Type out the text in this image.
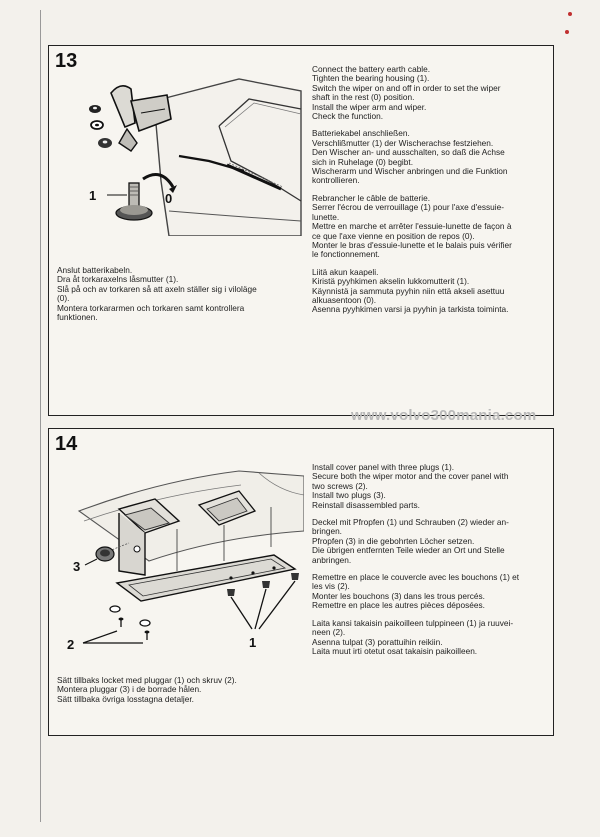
13
1	0

Connect the battery earth cable.
Tighten the bearing housing (1).
Switch the wiper on and off in order to set the wiper
shaft in the rest (0) position.
Install the wiper arm and wiper.
Check the function.

Batteriekabel anschließen.
Verschlißmutter (1) der Wischerachse festziehen.
Den Wischer an- und ausschalten, so daß die Achse
sich in Ruhelage (0) begibt.
Wischerarm und Wischer anbringen und die Funktion
kontrollieren.

Rebrancher le câble de batterie.
Serrer l'écrou de verrouillage (1) pour l'axe d'essuie-
lunette.
Mettre en marche et arrêter l'essuie-lunette de façon à
ce que l'axe vienne en position de repos (0).
Monter le bras d'essuie-lunette et le balais puis vérifier
le fonctionnement.

Liitä akun kaapeli.
Kiristä pyyhkimen akselin lukkomutterit (1).
Käynnistä ja sammuta pyyhin niin että akseli asettuu
alkuasentoon (0).
Asenna pyyhkimen varsi ja pyyhin ja tarkista toiminta.

Anslut batterikabeln.
Dra åt torkaraxelns låsmutter (1).
Slå på och av torkaren så att axeln ställer sig i viloläge
(0).
Montera torkararmen och torkaren samt kontrollera
funktionen.
www.volvo300mania.com
14
3
1
2

Install cover panel with three plugs (1).
Secure both the wiper motor and the cover panel with
two screws (2).
Install two plugs (3).
Reinstall disassembled parts.

Deckel mit Pfropfen (1) und Schrauben (2) wieder an-
bringen.
Pfropfen (3) in die gebohrten Löcher setzen.
Die übrigen entfernten Teile wieder an Ort und Stelle
anbringen.

Remettre en place le couvercle avec les bouchons (1) et
les vis (2).
Monter les bouchons (3) dans les trous percés.
Remettre en place les autres pièces déposées.

Laita kansi takaisin paikoilleen tulppineen (1) ja ruuvei-
neen (2).
Asenna tulpat (3) porattuihin reikiin.
Laita muut irti otetut osat takaisin paikoilleen.

Sätt tillbaks locket med pluggar (1) och skruv (2).
Montera pluggar (3) i de borrade hålen.
Sätt tillbaka övriga losstagna detaljer.
